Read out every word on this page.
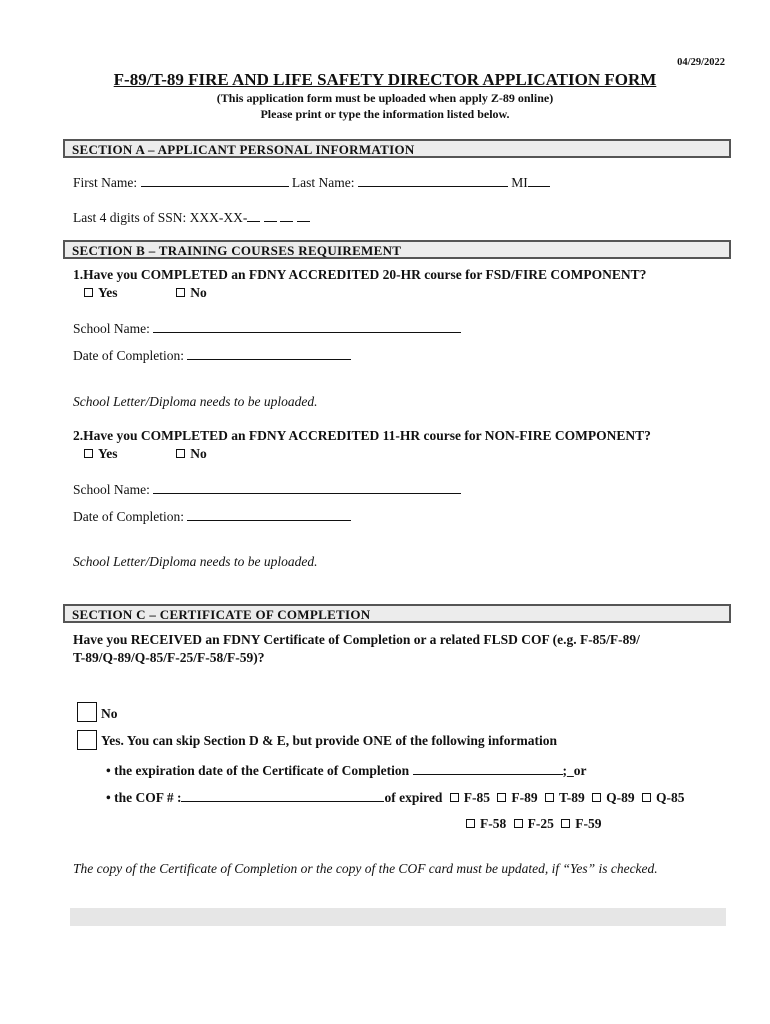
04/29/2022
F-89/T-89 FIRE AND LIFE SAFETY DIRECTOR APPLICATION FORM
(This application form must be uploaded when apply Z-89 online)
Please print or type the information listed below.
SECTION A – APPLICANT PERSONAL INFORMATION
First Name:	Last Name:	MI
Last 4 digits of SSN: XXX-XX-
SECTION B – TRAINING COURSES REQUIREMENT
1.Have you COMPLETED an FDNY ACCREDITED 20-HR course for FSD/FIRE COMPONENT?
Yes	No
School Name:
Date of Completion:
School Letter/Diploma needs to be uploaded.
2.Have you COMPLETED an FDNY ACCREDITED 11-HR course for NON-FIRE COMPONENT?
Yes	No
School Name:
Date of Completion:
School Letter/Diploma needs to be uploaded.
SECTION C – CERTIFICATE OF COMPLETION
Have you RECEIVED an FDNY Certificate of Completion or a related FLSD COF (e.g. F-85/F-89/
T-89/Q-89/Q-85/F-25/F-58/F-59)?
No
Yes. You can skip Section D & E, but provide ONE of the following information
• the expiration date of the Certificate of Completion	;_or
• the COF # :	of expired F-85 F-89 T-89 Q-89 Q-85
F-58 F-25 F-59
The copy of the Certificate of Completion or the copy of the COF card must be updated, if “Yes” is checked.
